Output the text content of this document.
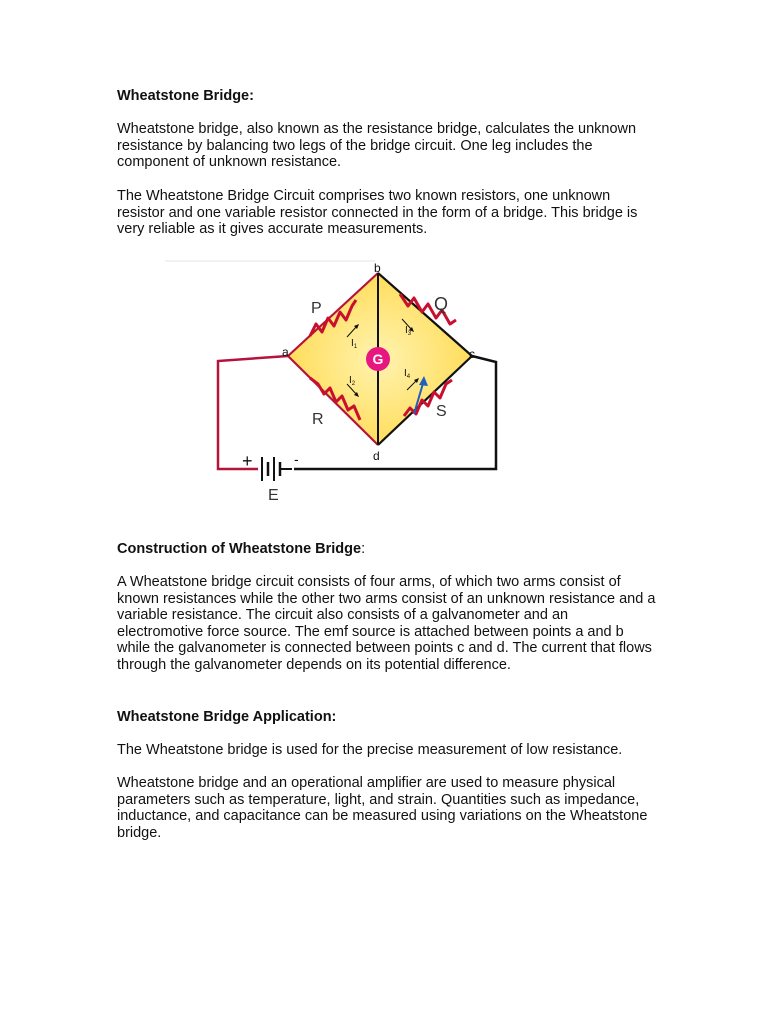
Wheatstone Bridge:

Wheatstone bridge, also known as the resistance bridge, calculates the unknown resistance by balancing two legs of the bridge circuit. One leg includes the component of unknown resistance.

The Wheatstone Bridge Circuit comprises two known resistors, one unknown resistor and one variable resistor connected in the form of a bridge. This bridge is very reliable as it gives accurate measurements.

G
$I_1$
$I_3$
$I_2$
$I_4$
b
a	c
d
P	Q
R	S
+	-
E

Construction of Wheatstone Bridge:

A Wheatstone bridge circuit consists of four arms, of which two arms consist of known resistances while the other two arms consist of an unknown resistance and a variable resistance. The circuit also consists of a galvanometer and an electromotive force source. The emf source is attached between points a and b while the galvanometer is connected between points c and d. The current that flows through the galvanometer depends on its potential difference.

Wheatstone Bridge Application:

The Wheatstone bridge is used for the precise measurement of low resistance.

Wheatstone bridge and an operational amplifier are used to measure physical parameters such as temperature, light, and strain. Quantities such as impedance, inductance, and capacitance can be measured using variations on the Wheatstone bridge.
